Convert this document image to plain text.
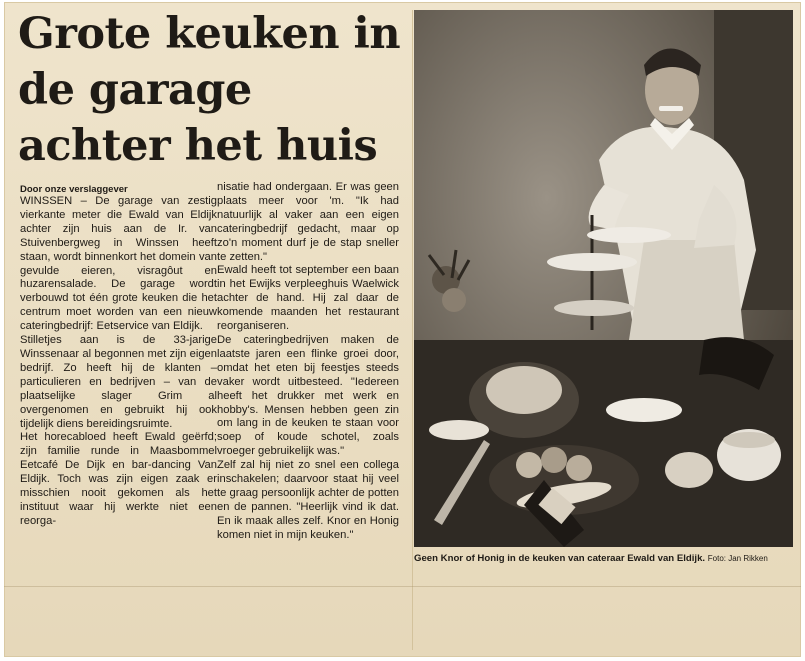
Grote keuken in de garage achter het huis
Door onze verslaggever

WINSSEN – De garage van zestig vierkante meter die Ewald van Eldijk achter zijn huis aan de Ir. van Stuivenbergweg in Winssen heeft staan, wordt binnenkort het domein van gevulde eieren, visragôut en huzarensalade. De garage wordt verbouwd tot één grote keuken die het centrum moet worden van een nieuw cateringbedrijf: Eetservice van Eldijk.

Stilletjes aan is de 33-jarige Winssenaar al begonnen met zijn eigen bedrijf. Zo heeft hij de klanten – particulieren en bedrijven – van de plaatselijke slager Grim al overgenomen en gebruikt hij ook tijdelijk diens bereidingsruimte.

Het horecabloed heeft Ewald geërfd; zijn familie runde in Maasbommel Eetcafé De Dijk en bar-dancing Van Eldijk. Toch was zijn eigen zaak er misschien nooit gekomen als het instituut waar hij werkte niet een reorga-

nisatie had ondergaan. Er was geen plaats meer voor 'm. "Ik had natuurlijk al vaker aan een eigen cateringbedrijf gedacht, maar op zo'n moment durf je de stap sneller te zetten."

Ewald heeft tot september een baan in het Ewijks verpleeghuis Waelwick achter de hand. Hij zal daar de komende maanden het restaurant reorganiseren.

De cateringbedrijven maken de laatste jaren een flinke groei door, omdat het eten bij feestjes steeds vaker wordt uitbesteed. "Iedereen heeft het drukker met werk en hobby's. Mensen hebben geen zin om lang in de keuken te staan voor soep of koude schotel, zoals vroeger gebruikelijk was."

Zelf zal hij niet zo snel een collega inschakelen; daarvoor staat hij veel te graag persoonlijk achter de potten en de pannen. "Heerlijk vind ik dat. En ik maak alles zelf. Knor en Honig komen niet in mijn keuken."

Geen Knor of Honig in de keuken van cateraar Ewald van Eldijk. Foto: Jan Rikken
